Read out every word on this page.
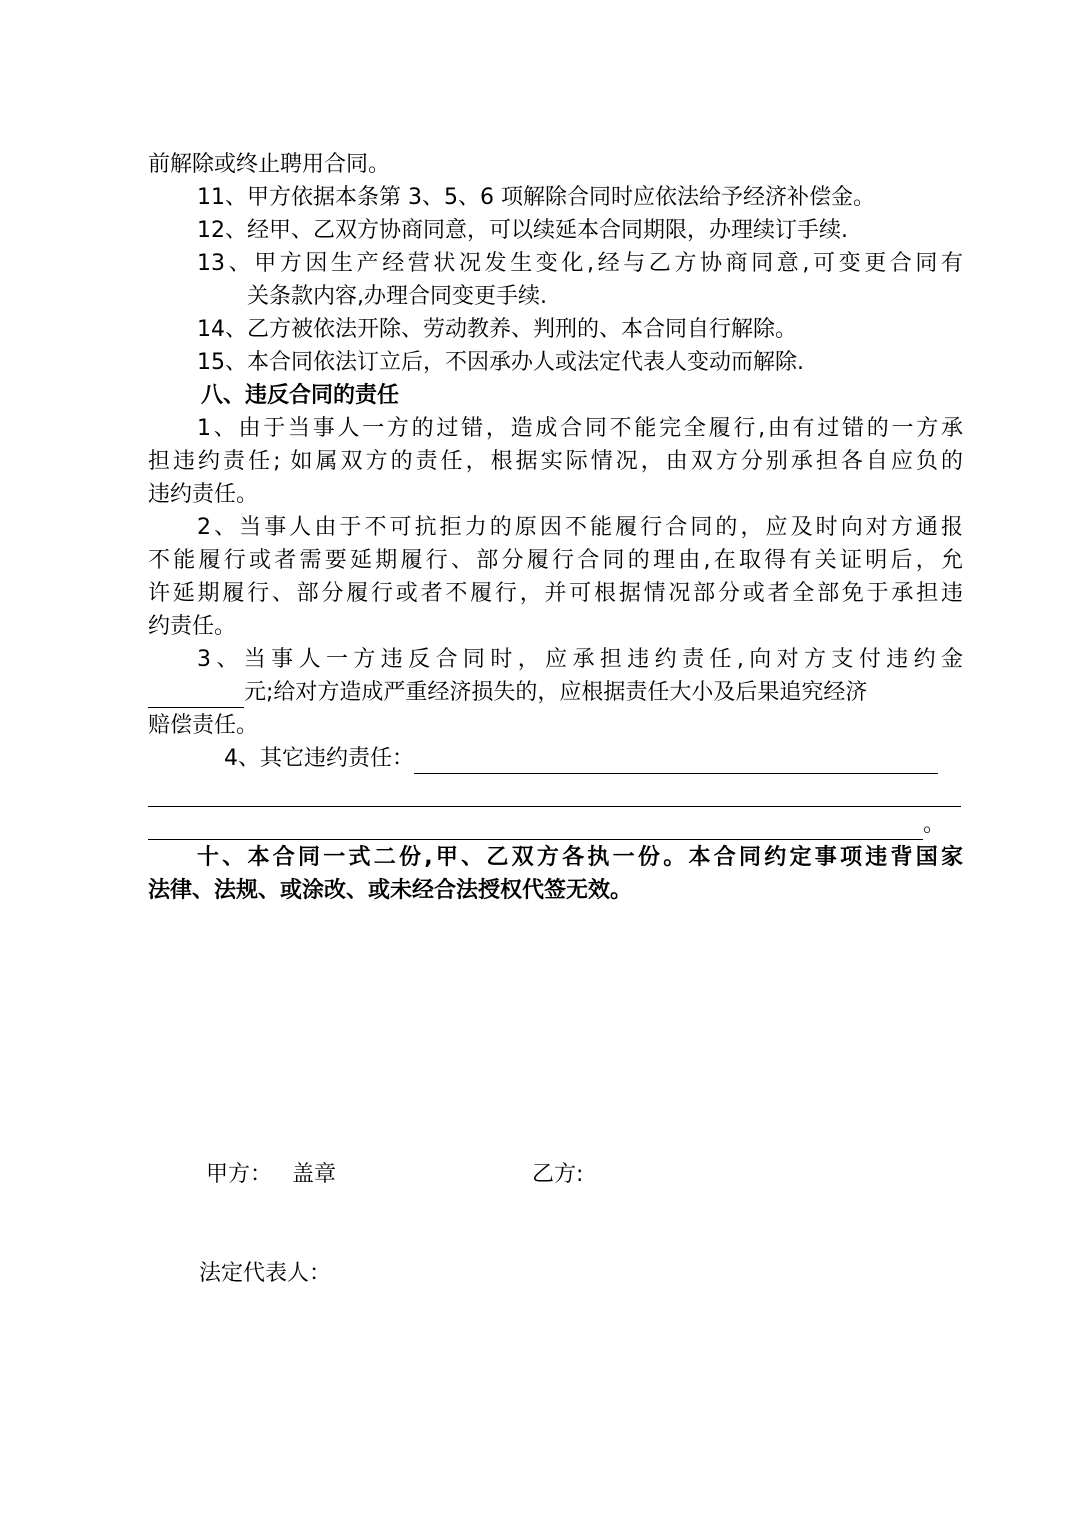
前解除或终止聘用合同。
11、甲方依据本条第 3、5、6 项解除合同时应依法给予经济补偿金。
12、经甲、乙双方协商同意，可以续延本合同期限，办理续订手续.
13、甲方因生产经营状况发生变化,经与乙方协商同意,可变更合同有
关条款内容,办理合同变更手续.
14、乙方被依法开除、劳动教养、判刑的、本合同自行解除。
15、本合同依法订立后，不因承办人或法定代表人变动而解除.
八、违反合同的责任
1、由于当事人一方的过错，造成合同不能完全履行,由有过错的一方承
担违约责任; 如属双方的责任，根据实际情况，由双方分别承担各自应负的
违约责任。
2、当事人由于不可抗拒力的原因不能履行合同的，应及时向对方通报
不能履行或者需要延期履行、部分履行合同的理由,在取得有关证明后，允
许延期履行、部分履行或者不履行，并可根据情况部分或者全部免于承担违
约责任。
3、当事人一方违反合同时，应承担违约责任,向对方支付违约金
元;给对方造成严重经济损失的，应根据责任大小及后果追究经济
赔偿责任。
4、其它违约责任：
。
十、本合同一式二份,甲、乙双方各执一份。本合同约定事项违背国家
法律、法规、或涂改、或未经合法授权代签无效。
甲方： 盖章	乙方:
法定代表人：
